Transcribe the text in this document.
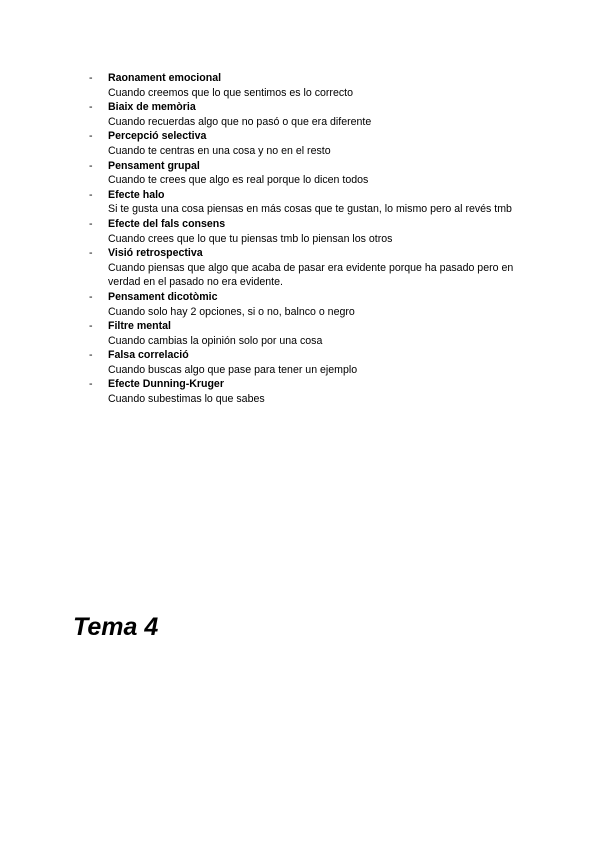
- Raonament emocional
Cuando creemos que lo que sentimos es lo correcto
- Biaix de memòria
Cuando recuerdas algo que no pasó o que era diferente
- Percepció selectiva
Cuando te centras en una cosa y no en el resto
- Pensament grupal
Cuando te crees que algo es real porque lo dicen todos
- Efecte halo
Si te gusta una cosa piensas en más cosas que te gustan, lo mismo pero al revés tmb
- Efecte del fals consens
Cuando crees que lo que tu piensas tmb lo piensan los otros
- Visió retrospectiva
Cuando piensas que algo que acaba de pasar era evidente porque ha pasado pero en verdad en el pasado no era evidente.
- Pensament dicotòmic
Cuando solo hay 2 opciones, si o no, balnco o negro
- Filtre mental
Cuando cambias la opinión solo por una cosa
- Falsa correlació
Cuando buscas algo que pase para tener un ejemplo
- Efecte Dunning-Kruger
Cuando subestimas lo que sabes
Tema 4
